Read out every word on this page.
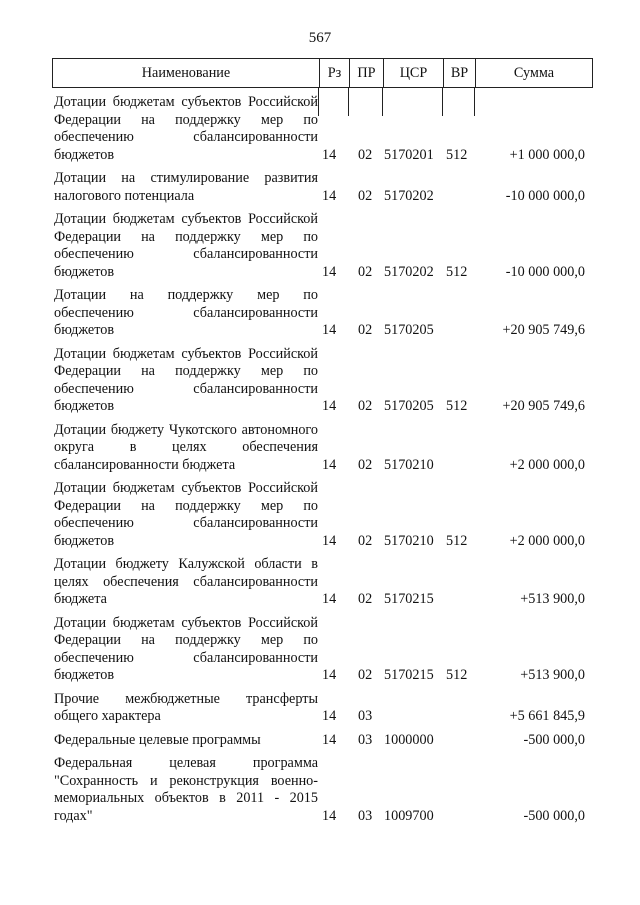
567
Наименование	Рз	ПР	ЦСР	ВР	Сумма
Дотации бюджетам субъектов Российской Федерации на поддержку мер по обеспечению сбалансированности бюджетов	14 02 5170201 512	+1 000 000,0
Дотации на стимулирование развития налогового потенциала	14 02 5170202	-10 000 000,0
Дотации бюджетам субъектов Российской Федерации на поддержку мер по обеспечению сбалансированности бюджетов	14 02 5170202 512	-10 000 000,0
Дотации на поддержку мер по обеспечению сбалансированности бюджетов	14 02 5170205	+20 905 749,6
Дотации бюджетам субъектов Российской Федерации на поддержку мер по обеспечению сбалансированности бюджетов	14 02 5170205 512 +20 905 749,6
Дотации бюджету Чукотского автономного округа в целях обеспечения сбалансированности бюджета	14 02 5170210	+2 000 000,0
Дотации бюджетам субъектов Российской Федерации на поддержку мер по обеспечению сбалансированности бюджетов	14 02 5170210 512	+2 000 000,0
Дотации бюджету Калужской области в целях обеспечения сбалансированности бюджета	14 02 5170215	+513 900,0
Дотации бюджетам субъектов Российской Федерации на поддержку мер по обеспечению сбалансированности бюджетов	14 02 5170215 512	+513 900,0
Прочие межбюджетные трансферты общего характера	14 03	+5 661 845,9
Федеральные целевые программы	14 03 1000000	-500 000,0
Федеральная целевая программа "Сохранность и реконструкция военно-мемориальных объектов в 2011 - 2015 годах"	14 03 1009700	-500 000,0
